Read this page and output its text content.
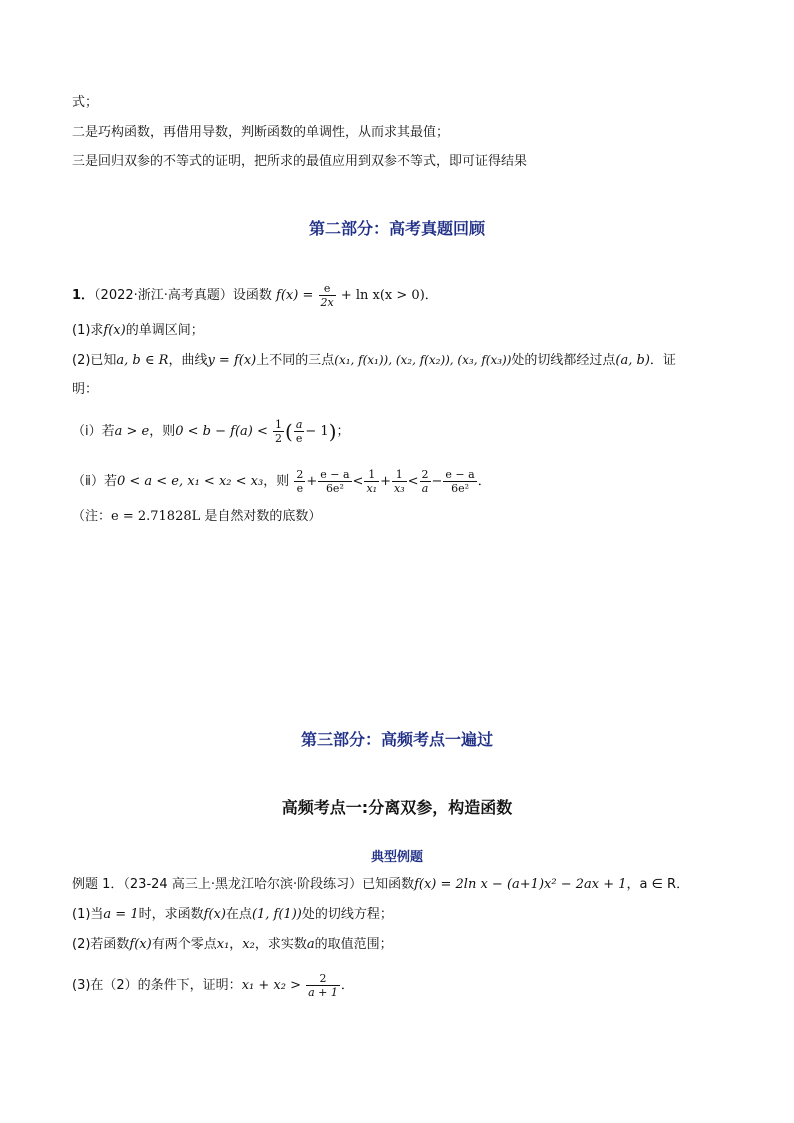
式；
二是巧构函数，再借用导数，判断函数的单调性，从而求其最值；
三是回归双参的不等式的证明，把所求的最值应用到双参不等式，即可证得结果
第二部分：高考真题回顾
1．（2022·浙江·高考真题）设函数 $f(x) = \frac{e}{2x} + \ln x(x > 0)$．
(1)求f(x)的单调区间；
(2)已知a, b ∈ R，曲线y = f(x)上不同的三点(x₁, f(x₁)), (x₂, f(x₂)), (x₃, f(x₃))处的切线都经过点(a, b)．证
明：
（ⅰ）若a > e，则$0 < b - f(a) < \frac{1}{2}$ ( $\frac{a}{e} - 1$)；
（ⅱ）若0 < a < e, x₁ < x₂ < x₃，则 $\frac{2}{e} + \frac{e - a}{\text{6e²}} < \frac{1}{\text{x₁}} + \frac{1}{\text{x₃}} < \frac{2}{a} - \frac{e - a}{\text{6e²}}$ ．
（注：e = 2.71828L 是自然对数的底数）
第三部分：高频考点一遍过
高频考点一:分离双参，构造函数
典型例题
例题 1．（23-24 高三上·黑龙江哈尔滨·阶段练习）已知函数f(x) = 2ln x − (a+1)x² − 2ax + 1，a ∈ R．
(1)当a = 1时，求函数f(x)在点(1, f(1))处的切线方程；
(2)若函数f(x)有两个零点x₁，x₂，求实数a的取值范围；
(3)在（2）的条件下，证明：$x_1 + x_2 > \frac{2}{a + 1}$ ．
